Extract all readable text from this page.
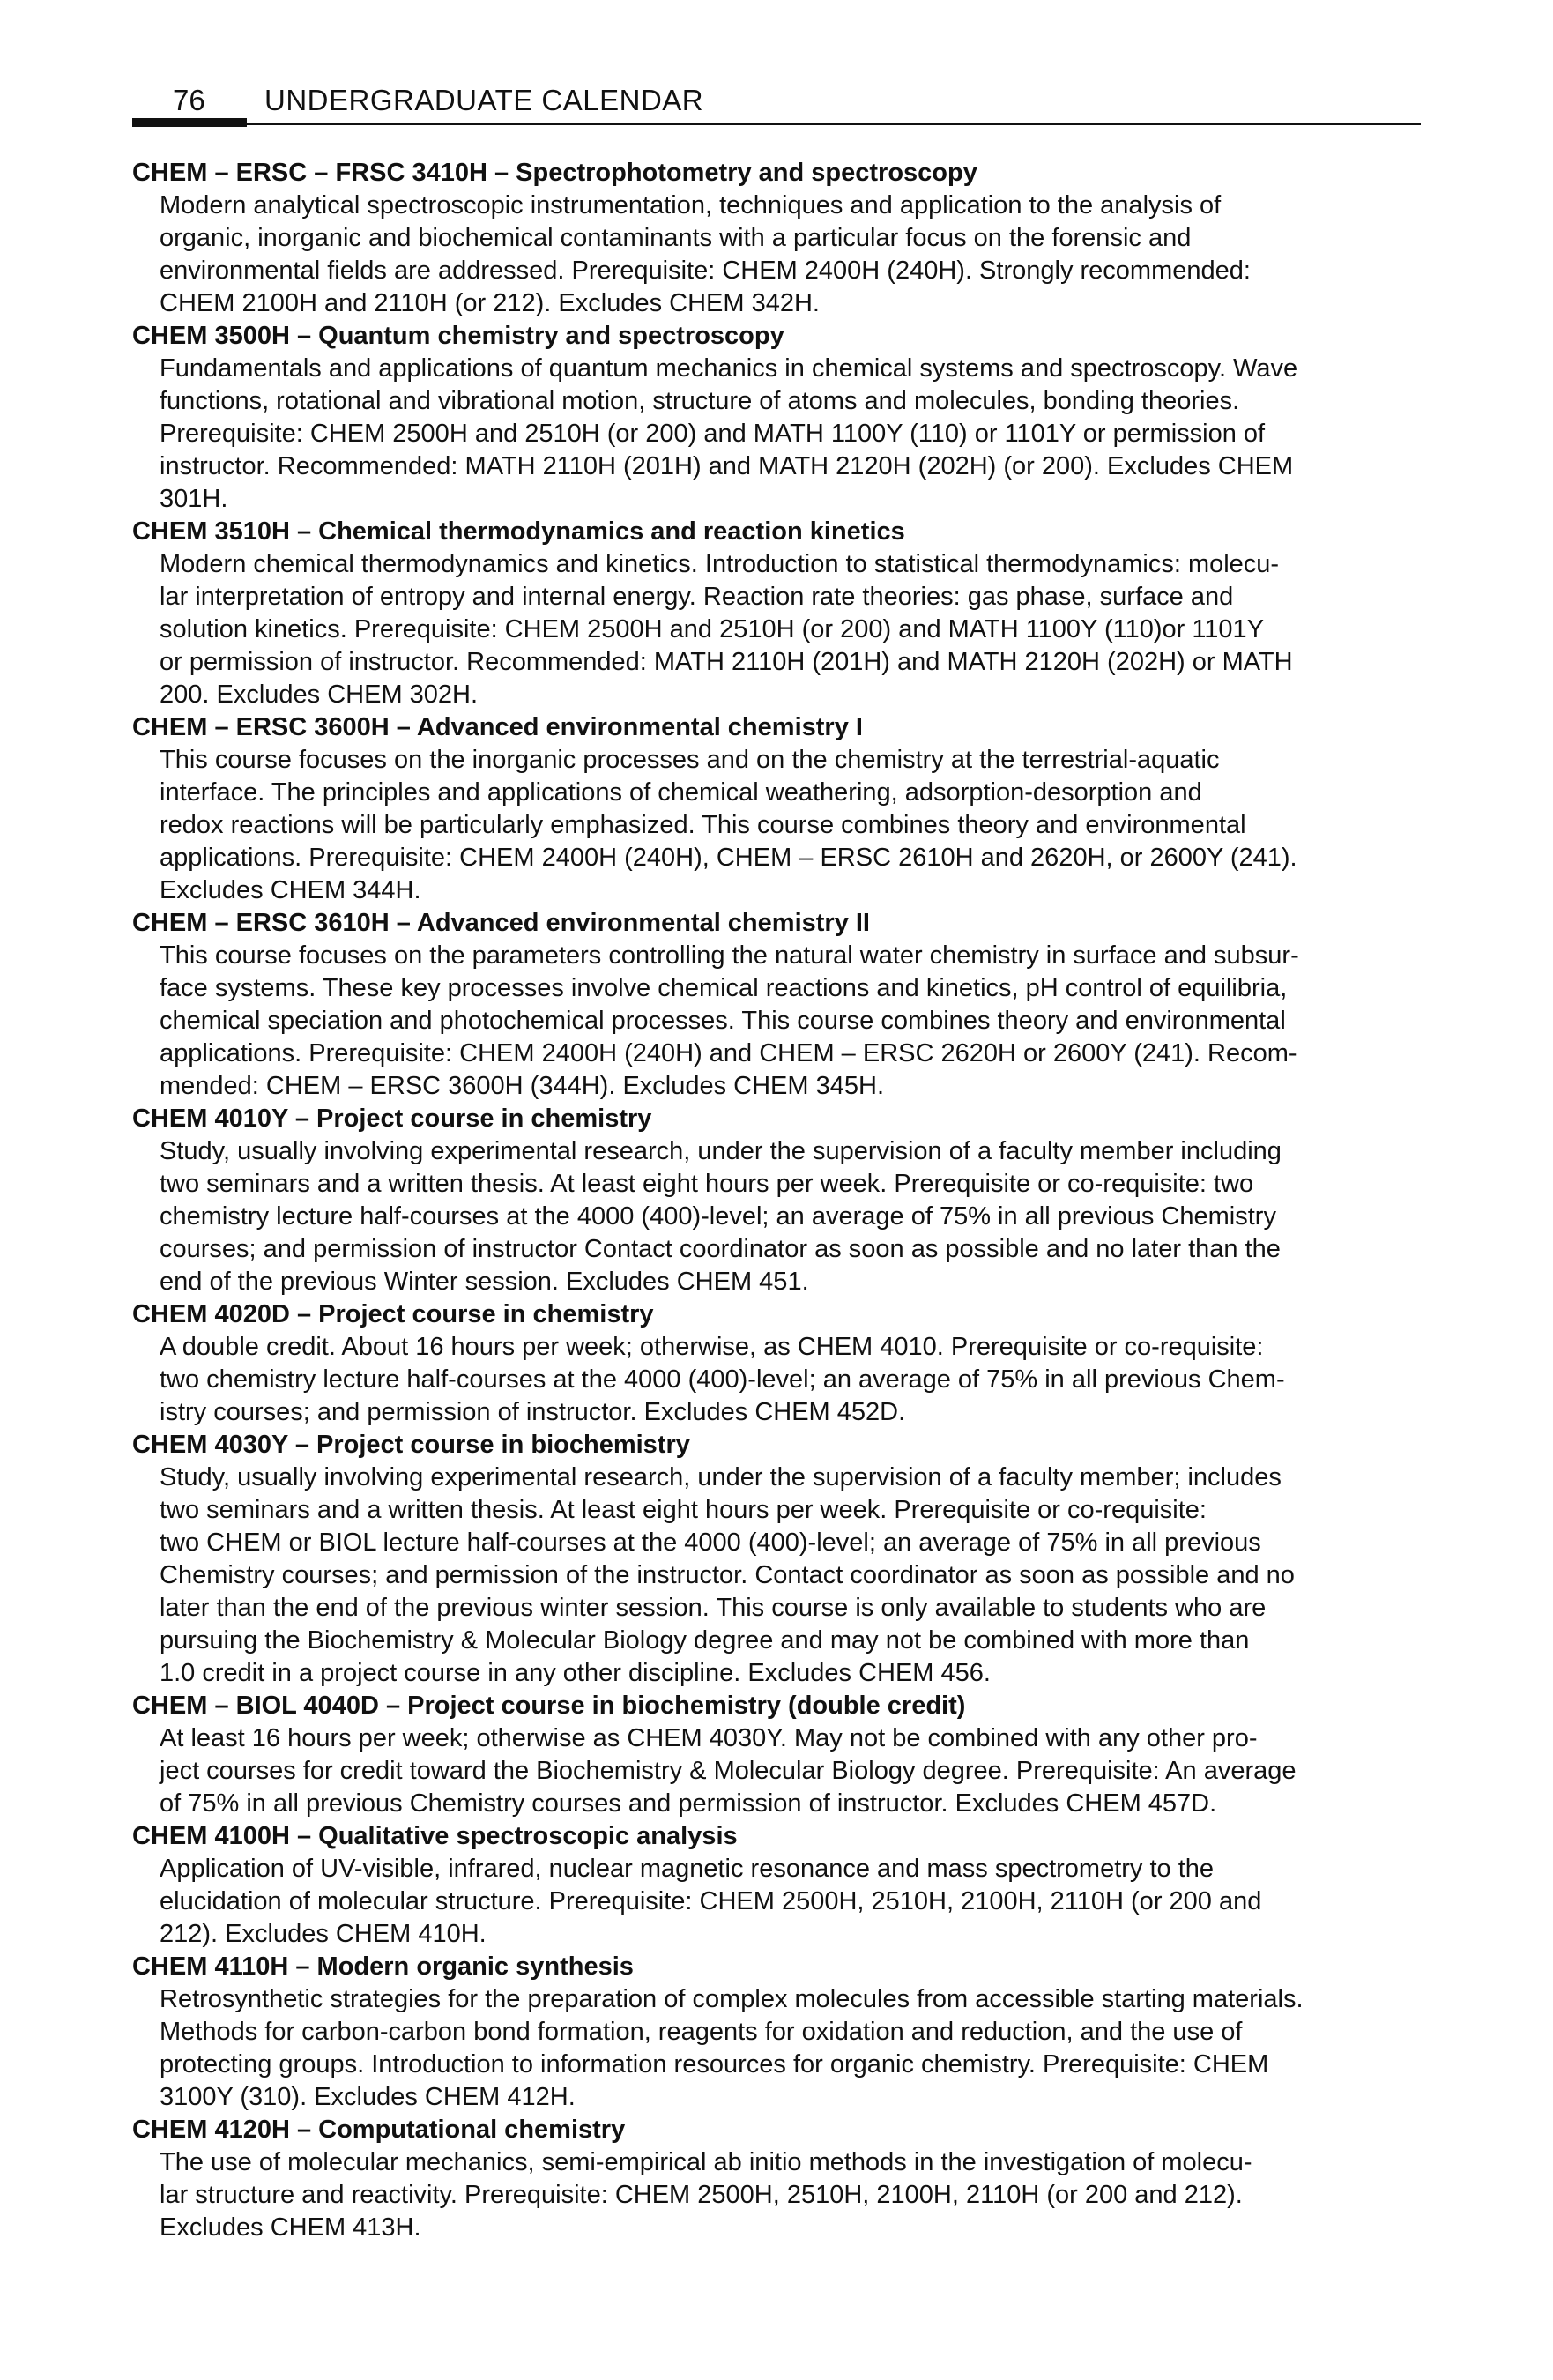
76 UNDERGRADUATE CALENDAR
CHEM – ERSC – FRSC 3410H – Spectrophotometry and spectroscopy
Modern analytical spectroscopic instrumentation, techniques and application to the analysis of
organic, inorganic and biochemical contaminants with a particular focus on the forensic and
environmental fields are addressed. Prerequisite: CHEM 2400H (240H). Strongly recommended:
CHEM 2100H and 2110H (or 212). Excludes CHEM 342H.
CHEM 3500H – Quantum chemistry and spectroscopy
Fundamentals and applications of quantum mechanics in chemical systems and spectroscopy. Wave
functions, rotational and vibrational motion, structure of atoms and molecules, bonding theories.
Prerequisite: CHEM 2500H and 2510H (or 200) and MATH 1100Y (110) or 1101Y or permission of
instructor. Recommended: MATH 2110H (201H) and MATH 2120H (202H) (or 200). Excludes CHEM
301H.
CHEM 3510H – Chemical thermodynamics and reaction kinetics
Modern chemical thermodynamics and kinetics. Introduction to statistical thermodynamics: molecu-
lar interpretation of entropy and internal energy. Reaction rate theories: gas phase, surface and
solution kinetics. Prerequisite: CHEM 2500H and 2510H (or 200) and MATH 1100Y (110)or 1101Y
or permission of instructor. Recommended: MATH 2110H (201H) and MATH 2120H (202H) or MATH
200. Excludes CHEM 302H.
CHEM – ERSC 3600H – Advanced environmental chemistry I
This course focuses on the inorganic processes and on the chemistry at the terrestrial-aquatic
interface. The principles and applications of chemical weathering, adsorption-desorption and
redox reactions will be particularly emphasized. This course combines theory and environmental
applications. Prerequisite: CHEM 2400H (240H), CHEM – ERSC 2610H and 2620H, or 2600Y (241).
Excludes CHEM 344H.
CHEM – ERSC 3610H – Advanced environmental chemistry II
This course focuses on the parameters controlling the natural water chemistry in surface and subsur-
face systems. These key processes involve chemical reactions and kinetics, pH control of equilibria,
chemical speciation and photochemical processes. This course combines theory and environmental
applications. Prerequisite: CHEM 2400H (240H) and CHEM – ERSC 2620H or 2600Y (241). Recom-
mended: CHEM – ERSC 3600H (344H). Excludes CHEM 345H.
CHEM 4010Y – Project course in chemistry
Study, usually involving experimental research, under the supervision of a faculty member including
two seminars and a written thesis. At least eight hours per week. Prerequisite or co-requisite: two
chemistry lecture half-courses at the 4000 (400)-level; an average of 75% in all previous Chemistry
courses; and permission of instructor Contact coordinator as soon as possible and no later than the
end of the previous Winter session. Excludes CHEM 451.
CHEM 4020D – Project course in chemistry
A double credit. About 16 hours per week; otherwise, as CHEM 4010. Prerequisite or co-requisite:
two chemistry lecture half-courses at the 4000 (400)-level; an average of 75% in all previous Chem-
istry courses; and permission of instructor. Excludes CHEM 452D.
CHEM 4030Y – Project course in biochemistry
Study, usually involving experimental research, under the supervision of a faculty member; includes
two seminars and a written thesis. At least eight hours per week. Prerequisite or co-requisite:
two CHEM or BIOL lecture half-courses at the 4000 (400)-level; an average of 75% in all previous
Chemistry courses; and permission of the instructor. Contact coordinator as soon as possible and no
later than the end of the previous winter session. This course is only available to students who are
pursuing the Biochemistry & Molecular Biology degree and may not be combined with more than
1.0 credit in a project course in any other discipline. Excludes CHEM 456.
CHEM – BIOL 4040D – Project course in biochemistry (double credit)
At least 16 hours per week; otherwise as CHEM 4030Y. May not be combined with any other pro-
ject courses for credit toward the Biochemistry & Molecular Biology degree. Prerequisite: An average
of 75% in all previous Chemistry courses and permission of instructor. Excludes CHEM 457D.
CHEM 4100H – Qualitative spectroscopic analysis
Application of UV-visible, infrared, nuclear magnetic resonance and mass spectrometry to the
elucidation of molecular structure. Prerequisite: CHEM 2500H, 2510H, 2100H, 2110H (or 200 and
212). Excludes CHEM 410H.
CHEM 4110H – Modern organic synthesis
Retrosynthetic strategies for the preparation of complex molecules from accessible starting materials.
Methods for carbon-carbon bond formation, reagents for oxidation and reduction, and the use of
protecting groups. Introduction to information resources for organic chemistry. Prerequisite: CHEM
3100Y (310). Excludes CHEM 412H.
CHEM 4120H – Computational chemistry
The use of molecular mechanics, semi-empirical ab initio methods in the investigation of molecu-
lar structure and reactivity. Prerequisite: CHEM 2500H, 2510H, 2100H, 2110H (or 200 and 212).
Excludes CHEM 413H.
